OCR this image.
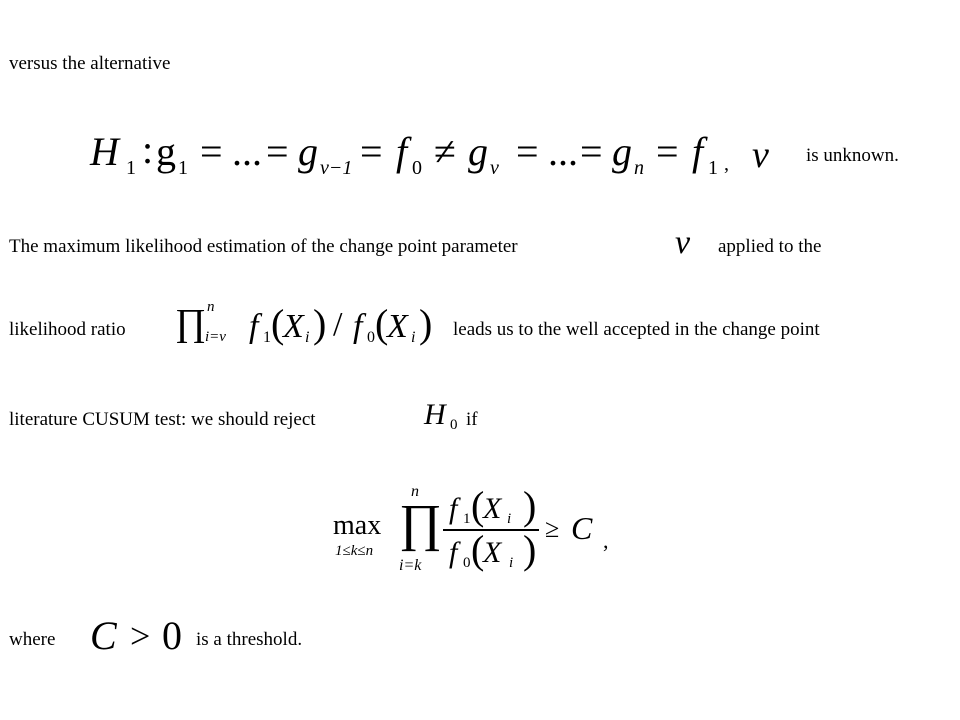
versus the alternative
H 1 : g 1 = ... = g ν−1 = f 0 ≠ g ν = ... = g n = f 1 , ν is unknown.
The maximum likelihood estimation of the change point parameter	ν applied to the
likelihood ratio ∏ n
i=ν f 1 (
X i ) / f 0 (
X i ) leads us to the well accepted in the change point
literature CUSUM test: we should reject	H 0 if
max
1≤k≤n ∏
n
i=k
f 1 (
X i )
f 0 (
X i ) ≥ C ,
where C > 0 is a threshold.
